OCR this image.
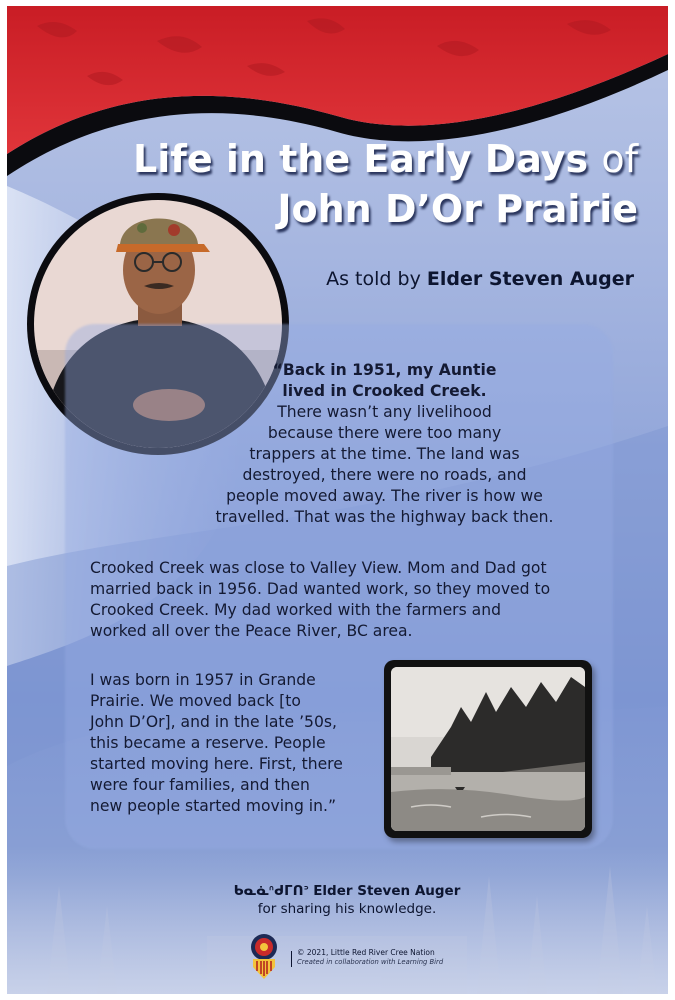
Life in the Early Days of
John D’Or Prairie
As told by Elder Steven Auger
“Back in 1951, my Auntie
lived in Crooked Creek.
There wasn’t any livelihood
because there were too many
trappers at the time. The land was
destroyed, there were no roads, and
people moved away. The river is how we
travelled. That was the highway back then.
Crooked Creek was close to Valley View. Mom and Dad got
married back in 1956. Dad wanted work, so they moved to
Crooked Creek. My dad worked with the farmers and
worked all over the Peace River, BC area.
I was born in 1957 in Grande
Prairie. We moved back [to
John D’Or], and in the late ’50s,
this became a reserve. People
started moving here. First, there
were four families, and then
new people started moving in.”
ᑲᓇᓈᐢᑯᒥᑎᐣ Elder Steven Auger
for sharing his knowledge.
© 2021, Little Red River Cree Nation
Created in collaboration with Learning Bird
